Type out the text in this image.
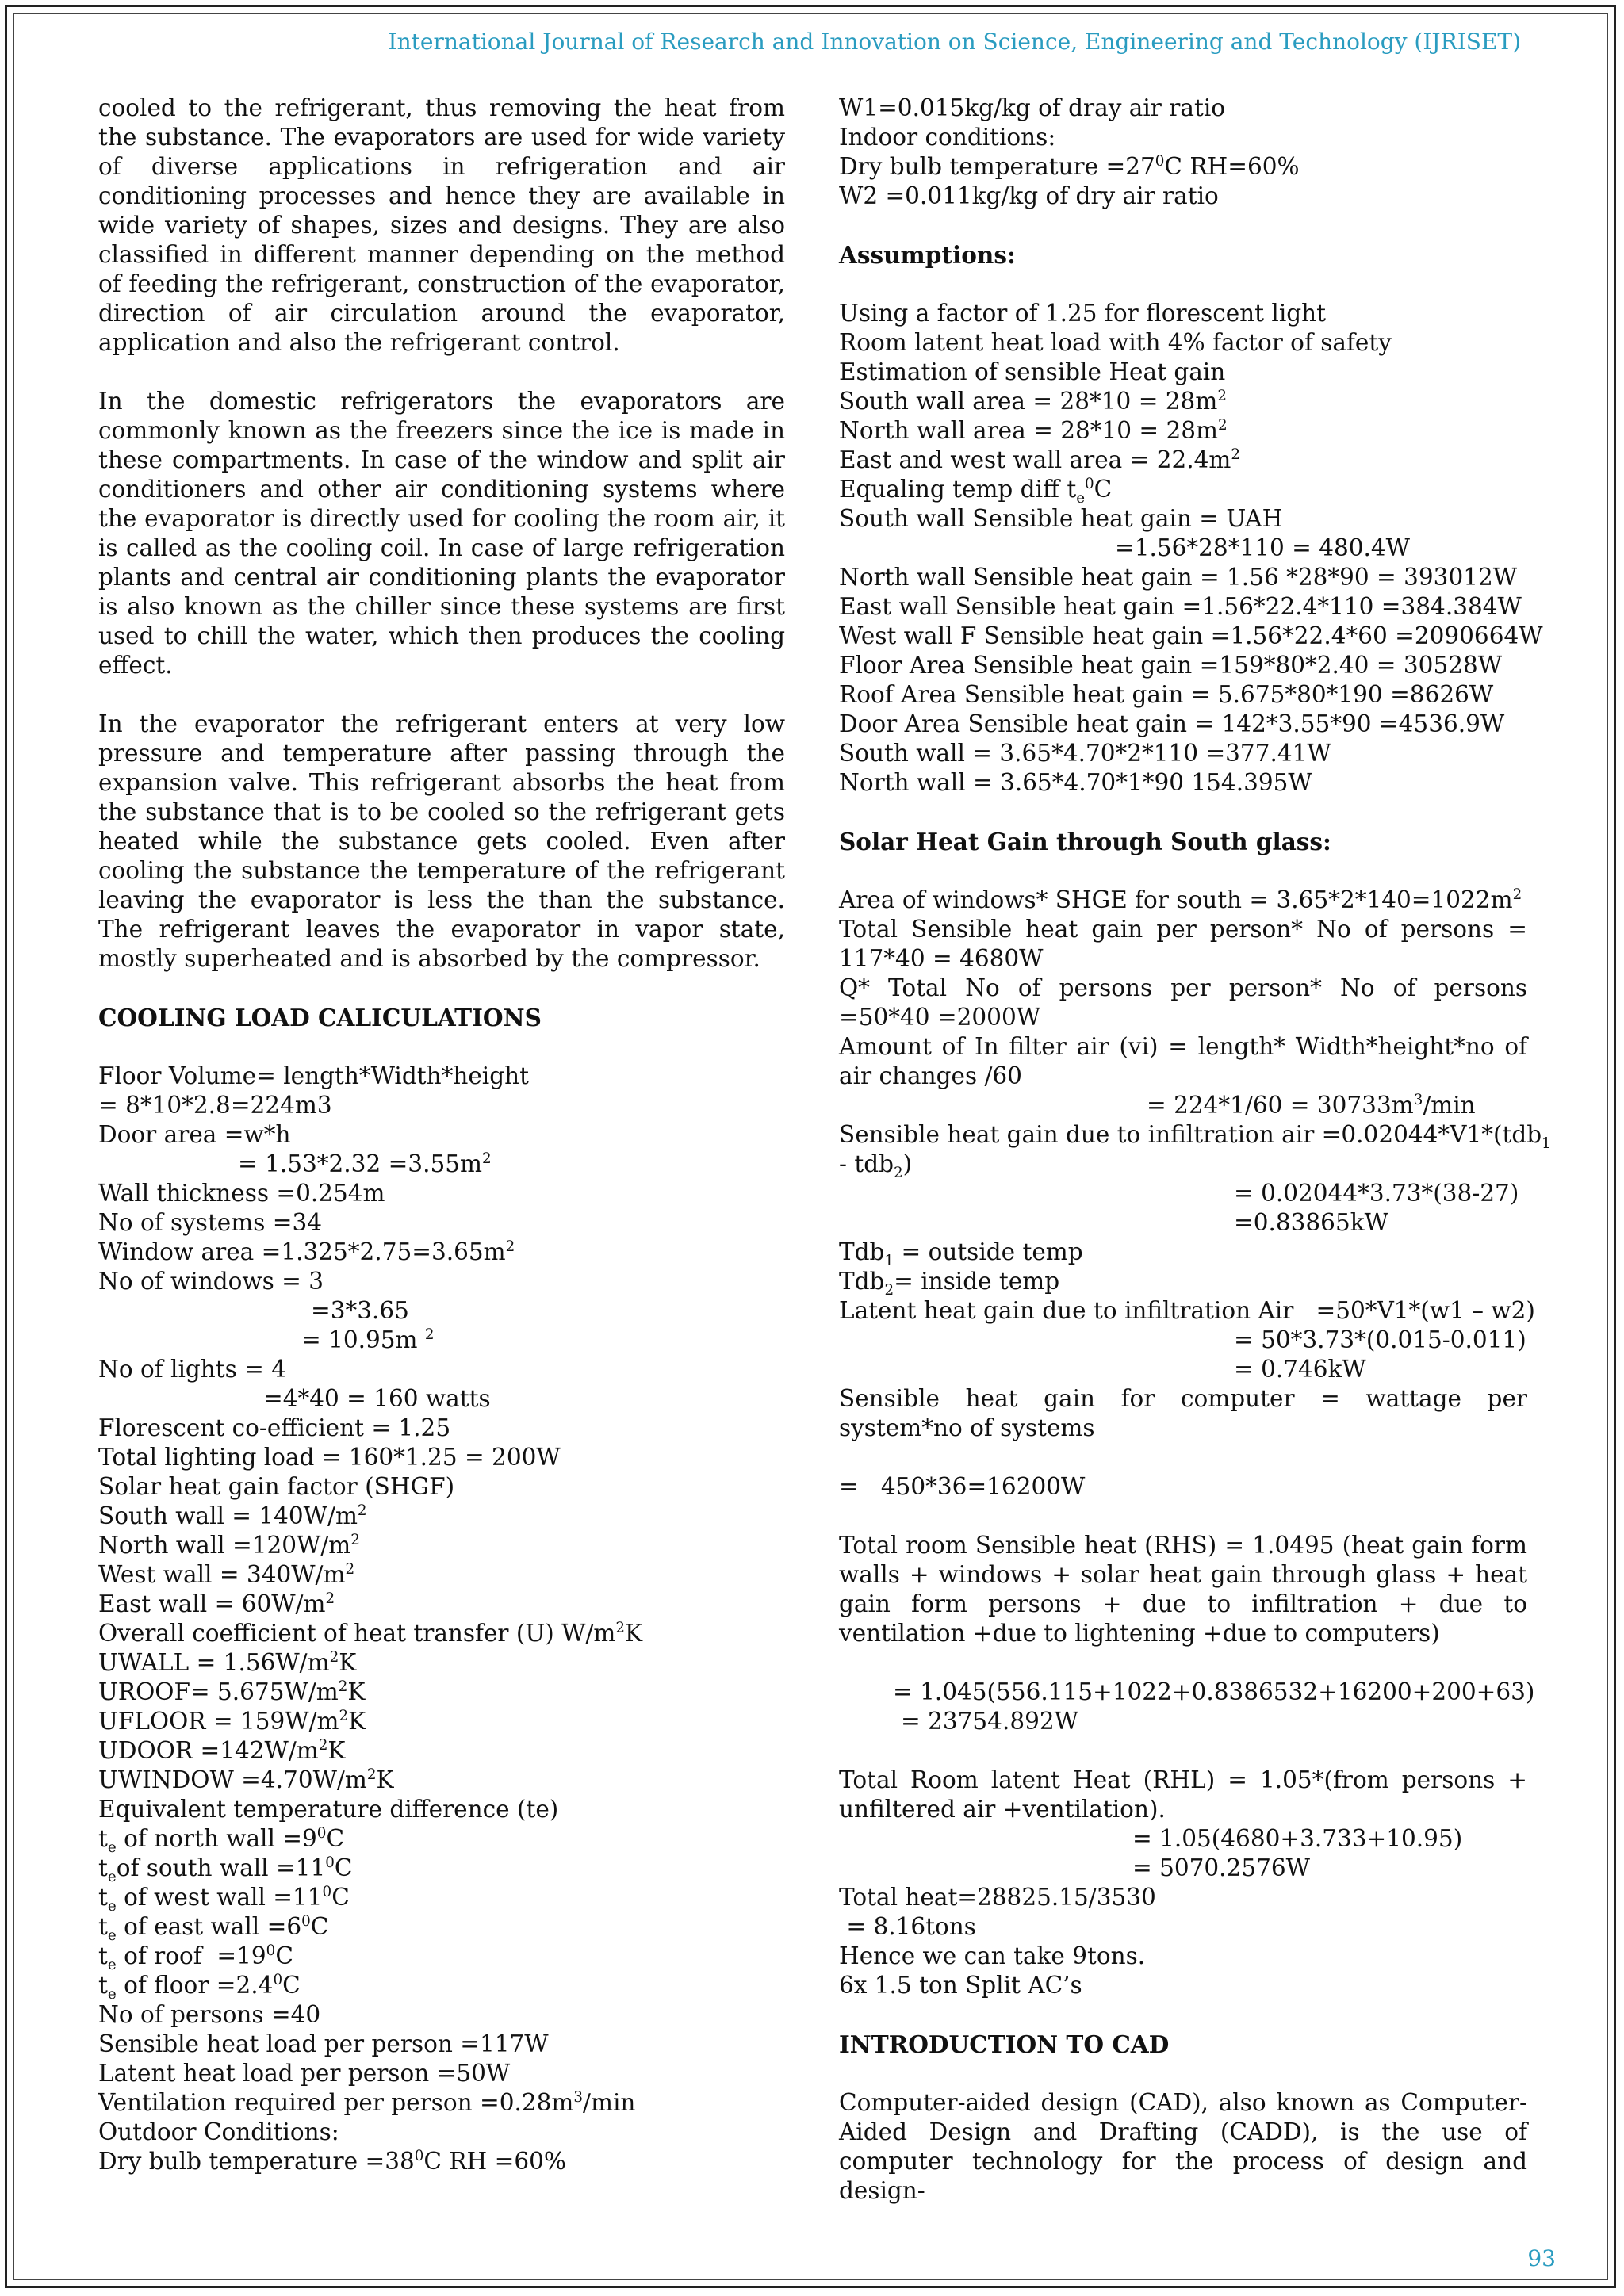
International Journal of Research and Innovation on Science, Engineering and Technology (IJRISET)

cooled to the refrigerant, thus removing the heat from the substance. The evaporators are used for wide variety of diverse applications in refrigeration and air conditioning processes and hence they are available in wide variety of shapes, sizes and designs. They are also classified in different manner depending on the method of feeding the refrigerant, construction of the evaporator, direction of air circulation around the evaporator, application and also the refrigerant control.

In the domestic refrigerators the evaporators are commonly known as the freezers since the ice is made in these compartments. In case of the window and split air conditioners and other air conditioning systems where the evaporator is directly used for cooling the room air, it is called as the cooling coil. In case of large refrigeration plants and central air conditioning plants the evaporator is also known as the chiller since these systems are first used to chill the water, which then produces the cooling effect.

In the evaporator the refrigerant enters at very low pressure and temperature after passing through the expansion valve. This refrigerant absorbs the heat from the substance that is to be cooled so the refrigerant gets heated while the substance gets cooled. Even after cooling the substance the temperature of the refrigerant leaving the evaporator is less the than the substance. The refrigerant leaves the evaporator in vapor state, mostly superheated and is absorbed by the compressor.

COOLING LOAD CALICULATIONS

Floor Volume= length*Width*height

= 8*10*2.8=224m3

Door area =w*h

= $1.53*2.32 =3.55m^2$

Wall thickness =0.254m

No of systems =34

Window area $=1.325*2.75=3.65m^2$

No of windows = 3

=3*3.65

= 10.95m $^2$

No of lights = 4

=4*40 = 160 watts

Florescent co-efficient = 1.25

Total lighting load = 160*1.25 = 200W

Solar heat gain factor (SHGF)

South wall = $140W/m^2$

North wall $=120W/m^2$

West wall = $340W/m^2$

East wall = $60W/m^2$

Overall coefficient of heat transfer (U) $W/m^2K$

UWALL = $1.56W/m^2K$

UROOF= $5.675W/m^2K$

UFLOOR = $159W/m^2K$

UDOOR $=142W/m^2K$

UWINDOW $=4.70W/m^2K$

Equivalent temperature difference (te)

$t_e$ of north wall $=9^0C$

$t_eof$ south wall $=11^0C$

$t_e$ of west wall $=11^0C$

$t_e$ of east wall $=6^0C$

$t_e$ of roof  $=19^0C$

$t_e$ of floor $=2.4^0C$

No of persons =40

Sensible heat load per person =117W

Latent heat load per person =50W

Ventilation required per person $=0.28m^3/\min$

Outdoor Conditions:

Dry bulb temperature $=38^0C$ RH =60%

W1=0.015kg/kg of dray air ratio

Indoor conditions:

Dry bulb temperature $=27^0C$ RH=60%

W2 =0.011kg/kg of dry air ratio

Assumptions:

Using a factor of 1.25 for florescent light

Room latent heat load with 4% factor of safety

Estimation of sensible Heat gain

South wall area = $28*10 = 28m^2$

North wall area = $28*10 = 28m^2$

East and west wall area = $22.4m^2$

Equaling temp diff $t_e^0C$

South wall Sensible heat gain = UAH

=1.56*28*110 = 480.4W

North wall Sensible heat gain = 1.56 *28*90 = 393012W

East wall Sensible heat gain =1.56*22.4*110 =384.384W

West wall F Sensible heat gain =1.56*22.4*60 =2090664W

Floor Area Sensible heat gain =159*80*2.40 = 30528W

Roof Area Sensible heat gain = 5.675*80*190 =8626W

Door Area Sensible heat gain = 142*3.55*90 =4536.9W

South wall = 3.65*4.70*2*110 =377.41W

North wall = 3.65*4.70*1*90 154.395W

Solar Heat Gain through South glass:

Area of windows* SHGE for south = $3.65*2*140=1022m^2$

Total Sensible heat gain per person* No of persons = 117*40 = 4680W

Q* Total No of persons per person* No of persons =50*40 =2000W

Amount of In filter air (vi) = length* Width*height*no of air changes /60

= $224*1/60 = 30733m^3/\min$

Sensible heat gain due to infiltration air =0.02044*V1*(tdb$_1$

- tdb$_2$)

= 0.02044*3.73*(38-27)

=0.83865kW

Tdb$_1$ = outside temp

Tdb$_2$= inside temp

Latent heat gain due to infiltration Air   =50*V1*(w1 – w2)

= 50*3.73*(0.015-0.011)

= 0.746kW

Sensible heat gain for computer = wattage per system*no of systems

=   450*36=16200W

Total room Sensible heat (RHS) = 1.0495 (heat gain form walls + windows + solar heat gain through glass + heat gain form persons + due to infiltration + due to ventilation +due to lightening +due to computers)

= 1.045(556.115+1022+0.8386532+16200+200+63)

= 23754.892W

Total Room latent Heat (RHL) = 1.05*(from persons + unfiltered air +ventilation).

= 1.05(4680+3.733+10.95)

= 5070.2576W

Total heat=28825.15/3530

= 8.16tons

Hence we can take 9tons.

6x 1.5 ton Split AC’s

INTRODUCTION TO CAD

Computer-aided design (CAD), also known as Computer-Aided Design and Drafting (CADD), is the use of computer technology for the process of design and design-

93
